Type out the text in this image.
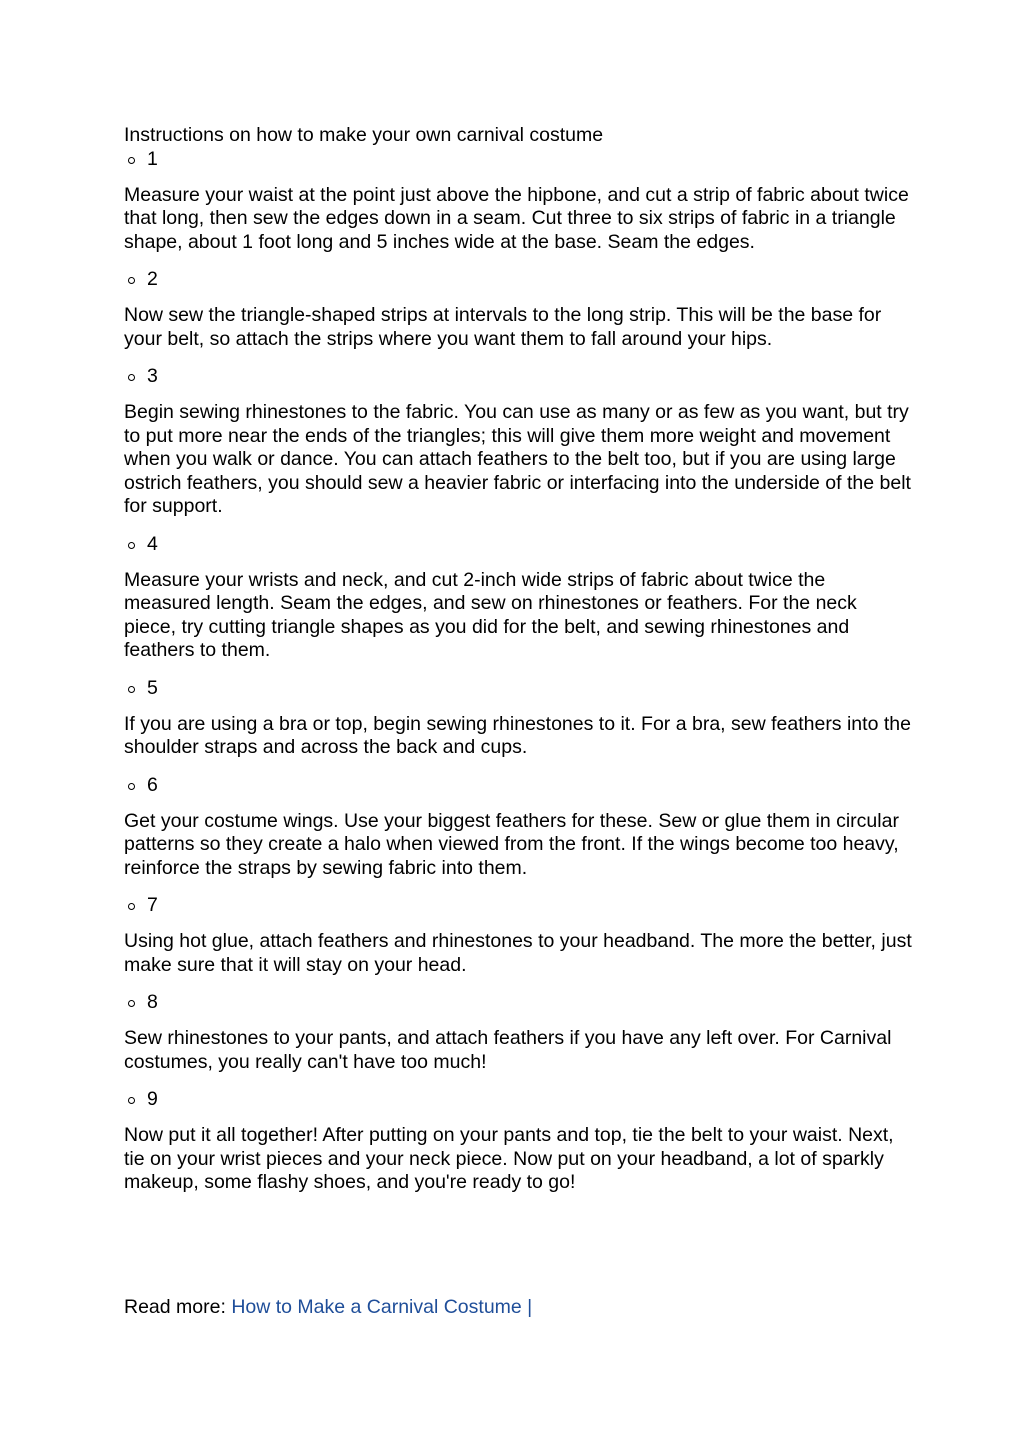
Instructions on how to make your own carnival costume

1

Measure your waist at the point just above the hipbone, and cut a strip of fabric about twice that long, then sew the edges down in a seam. Cut three to six strips of fabric in a triangle shape, about 1 foot long and 5 inches wide at the base. Seam the edges.

2

Now sew the triangle-shaped strips at intervals to the long strip. This will be the base for your belt, so attach the strips where you want them to fall around your hips.

3

Begin sewing rhinestones to the fabric. You can use as many or as few as you want, but try to put more near the ends of the triangles; this will give them more weight and movement when you walk or dance. You can attach feathers to the belt too, but if you are using large ostrich feathers, you should sew a heavier fabric or interfacing into the underside of the belt for support.

4

Measure your wrists and neck, and cut 2-inch wide strips of fabric about twice the measured length. Seam the edges, and sew on rhinestones or feathers. For the neck piece, try cutting triangle shapes as you did for the belt, and sewing rhinestones and feathers to them.

5

If you are using a bra or top, begin sewing rhinestones to it. For a bra, sew feathers into the shoulder straps and across the back and cups.

6

Get your costume wings. Use your biggest feathers for these. Sew or glue them in circular patterns so they create a halo when viewed from the front. If the wings become too heavy, reinforce the straps by sewing fabric into them.

7

Using hot glue, attach feathers and rhinestones to your headband. The more the better, just make sure that it will stay on your head.

8

Sew rhinestones to your pants, and attach feathers if you have any left over. For Carnival costumes, you really can't have too much!

9

Now put it all together! After putting on your pants and top, tie the belt to your waist. Next, tie on your wrist pieces and your neck piece. Now put on your headband, a lot of sparkly makeup, some flashy shoes, and you're ready to go!

Read more: How to Make a Carnival Costume |
